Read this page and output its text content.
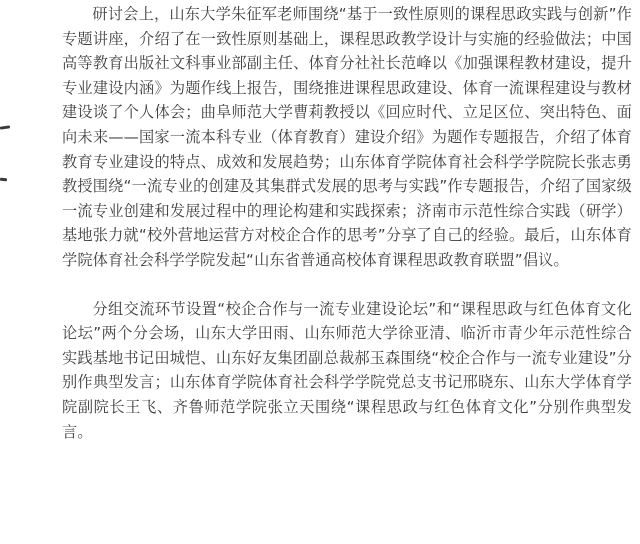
研讨会上，山东大学朱征军老师围绕“基于一致性原则的课程思政实践与创新”作专题讲座，介绍了在一致性原则基础上，课程思政教学设计与实施的经验做法；中国高等教育出版社文科事业部副主任、体育分社社长范峰以《加强课程教材建设，提升专业建设内涵》为题作线上报告，围绕推进课程思政建设、体育一流课程建设与教材建设谈了个人体会；曲阜师范大学曹莉教授以《回应时代、立足区位、突出特色、面向未来——国家一流本科专业（体育教育）建设介绍》为题作专题报告，介绍了体育教育专业建设的特点、成效和发展趋势；山东体育学院体育社会科学学院院长张志勇教授围绕“一流专业的创建及其集群式发展的思考与实践”作专题报告，介绍了国家级一流专业创建和发展过程中的理论构建和实践探索；济南市示范性综合实践（研学）基地张力就“校外营地运营方对校企合作的思考”分享了自己的经验。最后，山东体育学院体育社会科学学院发起“山东省普通高校体育课程思政教育联盟”倡议。

分组交流环节设置“校企合作与一流专业建设论坛”和“课程思政与红色体育文化论坛”两个分会场，山东大学田雨、山东师范大学徐亚清、临沂市青少年示范性综合实践基地书记田城恺、山东好友集团副总裁郝玉森围绕“校企合作与一流专业建设”分别作典型发言；山东体育学院体育社会科学学院党总支书记邢晓东、山东大学体育学院副院长王飞、齐鲁师范学院张立天围绕“课程思政与红色体育文化”分别作典型发言。
